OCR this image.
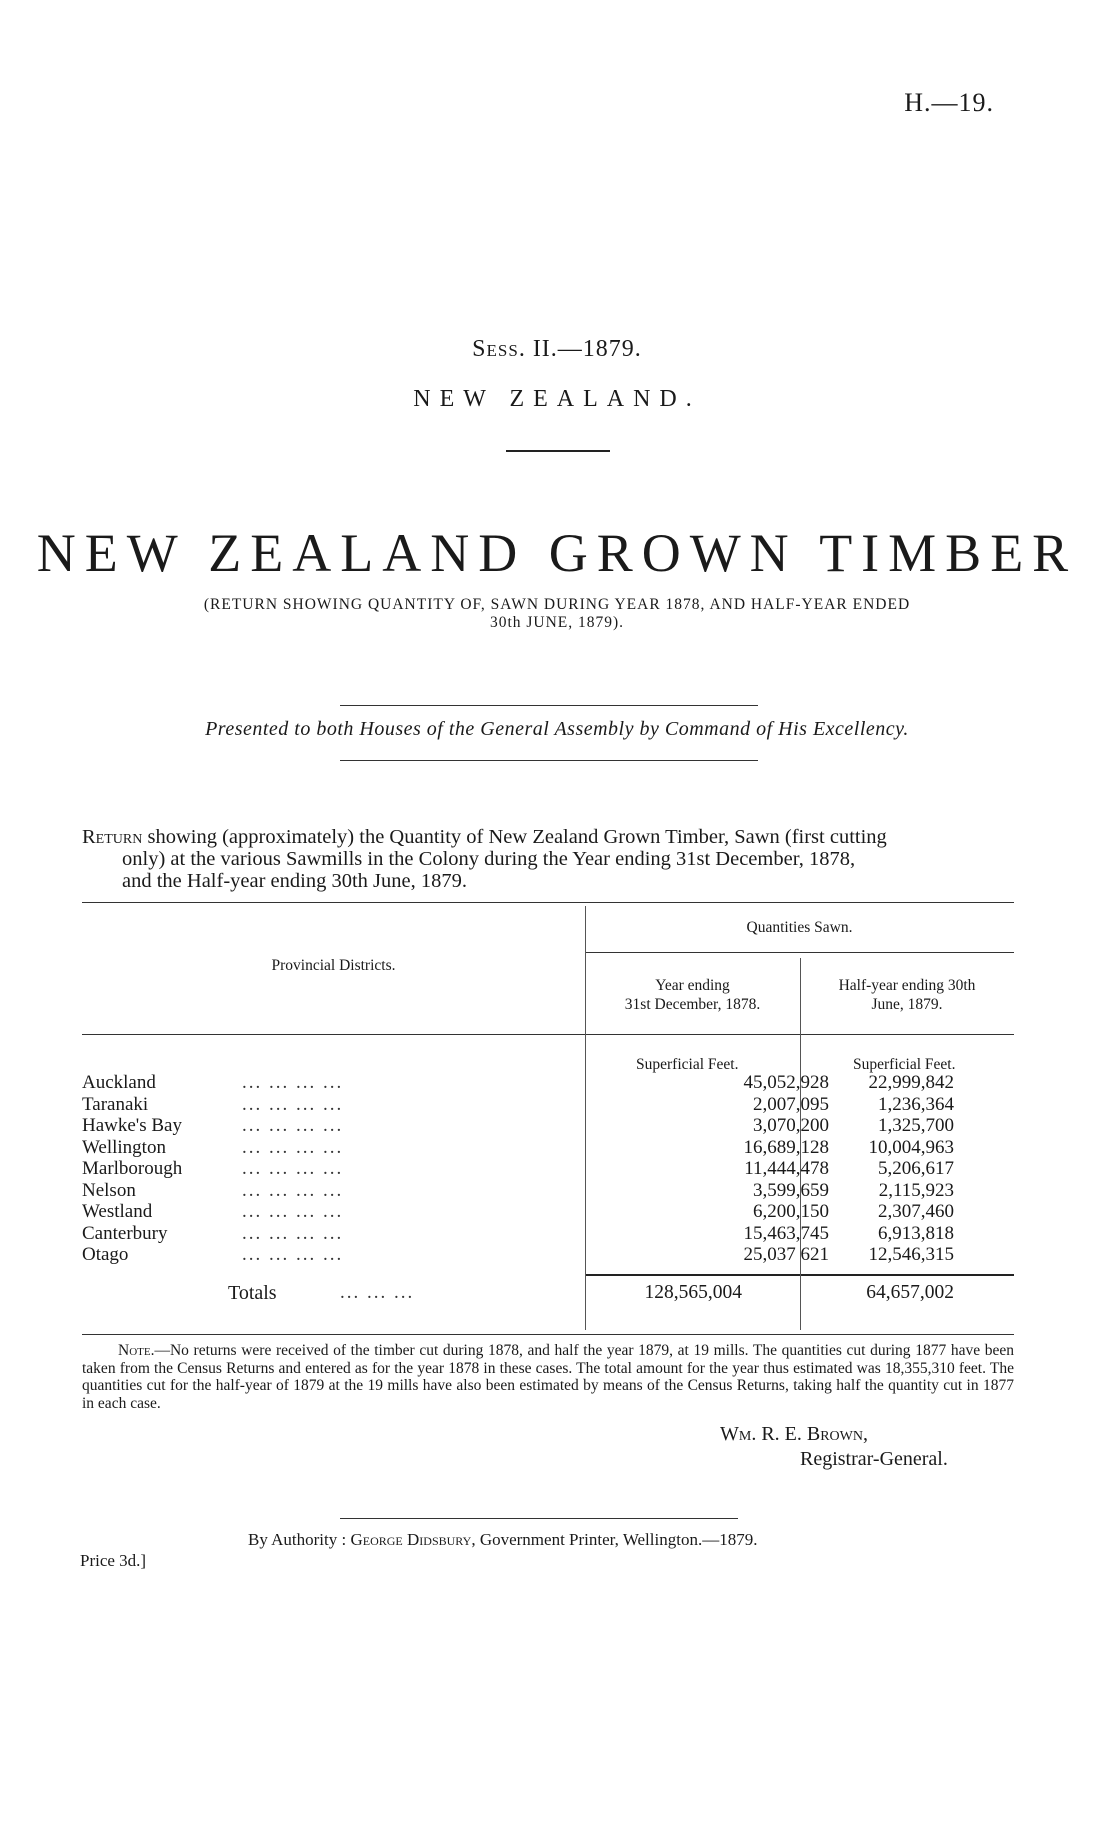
H.—19.
Sess. II.—1879.
NEW ZEALAND.
NEW ZEALAND GROWN TIMBER
(RETURN SHOWING QUANTITY OF, SAWN DURING YEAR 1878, AND HALF-YEAR ENDED
30th JUNE, 1879).
Presented to both Houses of the General Assembly by Command of His Excellency.
Return showing (approximately) the Quantity of New Zealand Grown Timber, Sawn (first cutting
only) at the various Sawmills in the Colony during the Year ending 31st December, 1878,
and the Half-year ending 30th June, 1879.
Provincial Districts.
Quantities Sawn.
Year ending
31st December, 1878.
Half-year ending 30th
June, 1879.
Superficial Feet.	Superficial Feet.
Auckland	... ... ... ...	45,052,928	22,999,842
Taranaki	... ... ... ...	2,007,095	1,236,364
Hawke's Bay	... ... ... ...	3,070,200	1,325,700
Wellington	... ... ... ...	16,689,128	10,004,963
Marlborough	... ... ... ...	11,444,478	5,206,617
Nelson	... ... ... ...	3,599,659	2,115,923
Westland	... ... ... ...	6,200,150	2,307,460
Canterbury	... ... ... ...	15,463,745	6,913,818
Otago	... ... ... ...	25,037 621	12,546,315
Totals	... ... ...	128,565,004	64,657,002
Note.—No returns were received of the timber cut during 1878, and half the year 1879, at 19 mills. The quantities cut during 1877 have been taken from the Census Returns and entered as for the year 1878 in these cases. The total amount for the year thus estimated was 18,355,310 feet. The quantities cut for the half-year of 1879 at the 19 mills have also been estimated by means of the Census Returns, taking half the quantity cut in 1877 in each case.
Wm. R. E. Brown,
Registrar-General.
Price 3d.]
By Authority : George Didsbury, Government Printer, Wellington.—1879.
